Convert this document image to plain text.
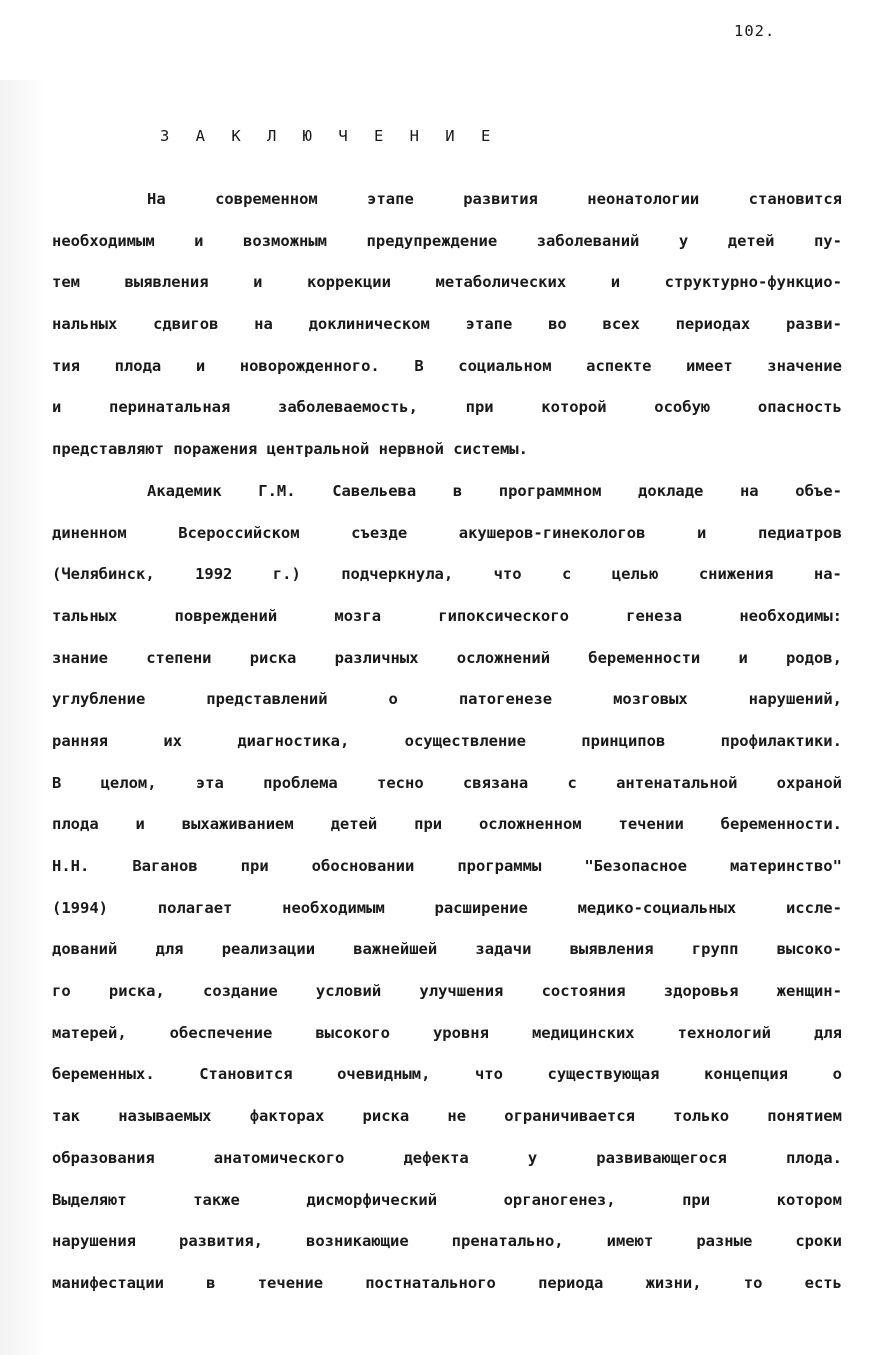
102.
З А К Л Ю Ч Е Н И Е
На	современном	этапе	развития	неонатологии	становится
необходимым	и	возможным	предупреждение	заболеваний	у	детей	пу-
тем	выявления	и	коррекции	метаболических	и	структурно-функцио-
нальных сдвигов на доклиническом этапе во всех периодах разви-
тия плода и новорожденного. В социальном аспекте имеет значение
и	перинатальная	заболеваемость,	при	которой	особую	опасность
представляют поражения центральной нервной системы.
Академик Г.М. Савельева в программном докладе на объе-
диненном	Всероссийском	съезде	акушеров-гинекологов	и	педиатров
(Челябинск,	1992	г.)	подчеркнула,	что	с	целью	снижения	на-
тальных	повреждений	мозга	гипоксического	генеза	необходимы:
знание степени риска различных осложнений беременности и родов,
углубление	представлений	о	патогенезе	мозговых	нарушений,
ранняя	их	диагностика,	осуществление	принципов	профилактики.
В	целом,	эта	проблема	тесно	связана	с	антенатальной	охраной
плода и выхаживанием детей при осложненном течении беременности.
Н.Н.	Ваганов	при	обосновании	программы	"Безопасное	материнство"
(1994)	полагает	необходимым	расширение	медико-социальных	иссле-
дований для реализации важнейшей задачи выявления групп высоко-
го риска, создание условий улучшения состояния здоровья женщин-
матерей,	обеспечение	высокого	уровня	медицинских	технологий	для
беременных.	Становится	очевидным,	что	существующая	концепция	о
так называемых факторах риска не ограничивается только понятием
образования	анатомического	дефекта	у	развивающегося	плода.
Выделяют	также	дисморфический	органогенез,	при	котором
нарушения	развития,	возникающие	пренатально,	имеют	разные	сроки
манифестации	в	течение	постнатального	периода	жизни,	то	есть
